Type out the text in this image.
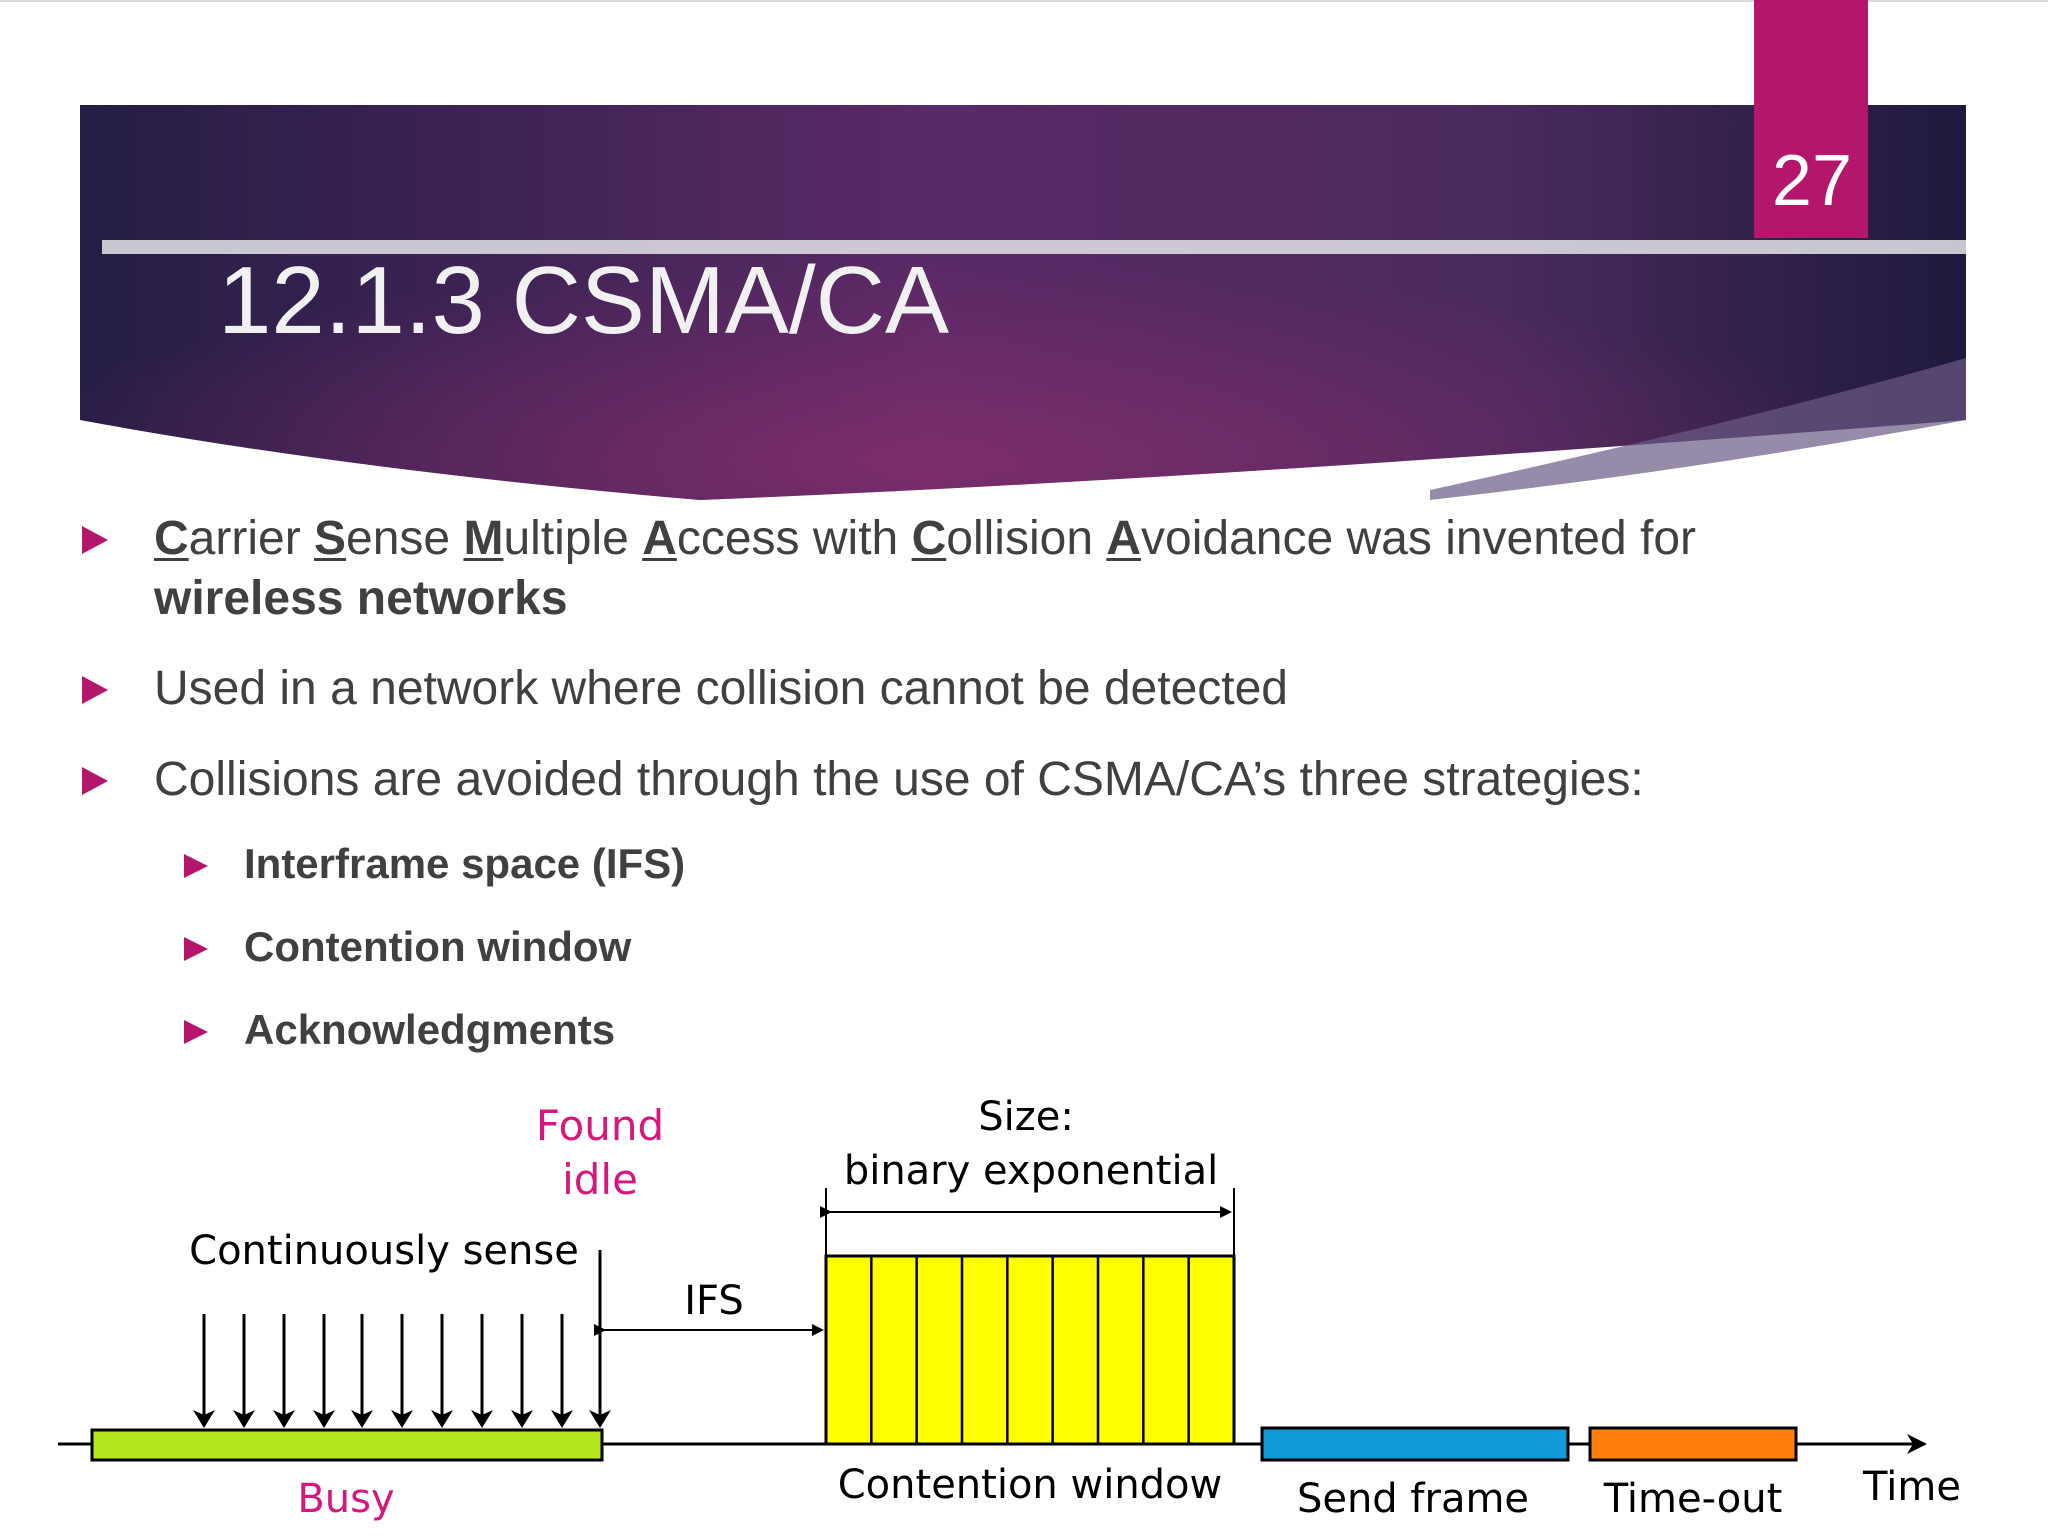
27
12.1.3 CSMA/CA
Carrier Sense Multiple Access with Collision Avoidance was invented for
wireless networks
Used in a network where collision cannot be detected
Collisions are avoided through the use of CSMA/CA’s three strategies:
Interframe space (IFS)
Contention window
Acknowledgments
Found
idle
Continuously sense
IFS
Size:
binary exponential
Busy	Contention window Send frame Time-out Time
